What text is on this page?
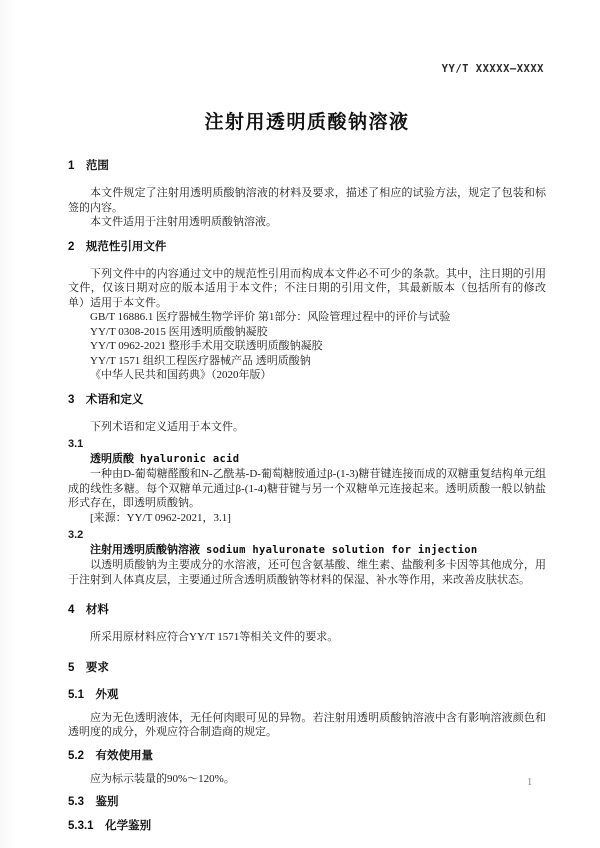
YY/T XXXXX—XXXX
注射用透明质酸钠溶液
1 范围

本文件规定了注射用透明质酸钠溶液的材料及要求，描述了相应的试验方法，规定了包装和标签的内容。

本文件适用于注射用透明质酸钠溶液。

2 规范性引用文件

下列文件中的内容通过文中的规范性引用而构成本文件必不可少的条款。其中，注日期的引用文件，仅该日期对应的版本适用于本文件；不注日期的引用文件，其最新版本（包括所有的修改单）适用于本文件。

GB/T 16886.1 医疗器械生物学评价 第1部分：风险管理过程中的评价与试验
YY/T 0308-2015 医用透明质酸钠凝胶
YY/T 0962-2021 整形手术用交联透明质酸钠凝胶
YY/T 1571 组织工程医疗器械产品 透明质酸钠
《中华人民共和国药典》（2020年版）
3 术语和定义

下列术语和定义适用于本文件。

3.1
透明质酸 hyaluronic acid

一种由D-葡萄糖醛酸和N-乙酰基-D-葡萄糖胺通过β-(1-3)糖苷键连接而成的双糖重复结构单元组成的线性多糖。每个双糖单元通过β-(1-4)糖苷键与另一个双糖单元连接起来。透明质酸一般以钠盐形式存在，即透明质酸钠。

[来源：YY/T 0962-2021，3.1]
3.2
注射用透明质酸钠溶液 sodium hyaluronate solution for injection

以透明质酸钠为主要成分的水溶液，还可包含氨基酸、维生素、盐酸利多卡因等其他成分，用于注射到人体真皮层，主要通过所含透明质酸钠等材料的保湿、补水等作用，来改善皮肤状态。

4 材料

所采用原材料应符合YY/T 1571等相关文件的要求。

5 要求
5.1 外观

应为无色透明液体，无任何肉眼可见的异物。若注射用透明质酸钠溶液中含有影响溶液颜色和透明度的成分，外观应符合制造商的规定。

5.2 有效使用量

应为标示装量的90%～120%。

5.3 鉴别
5.3.1 化学鉴别
1
